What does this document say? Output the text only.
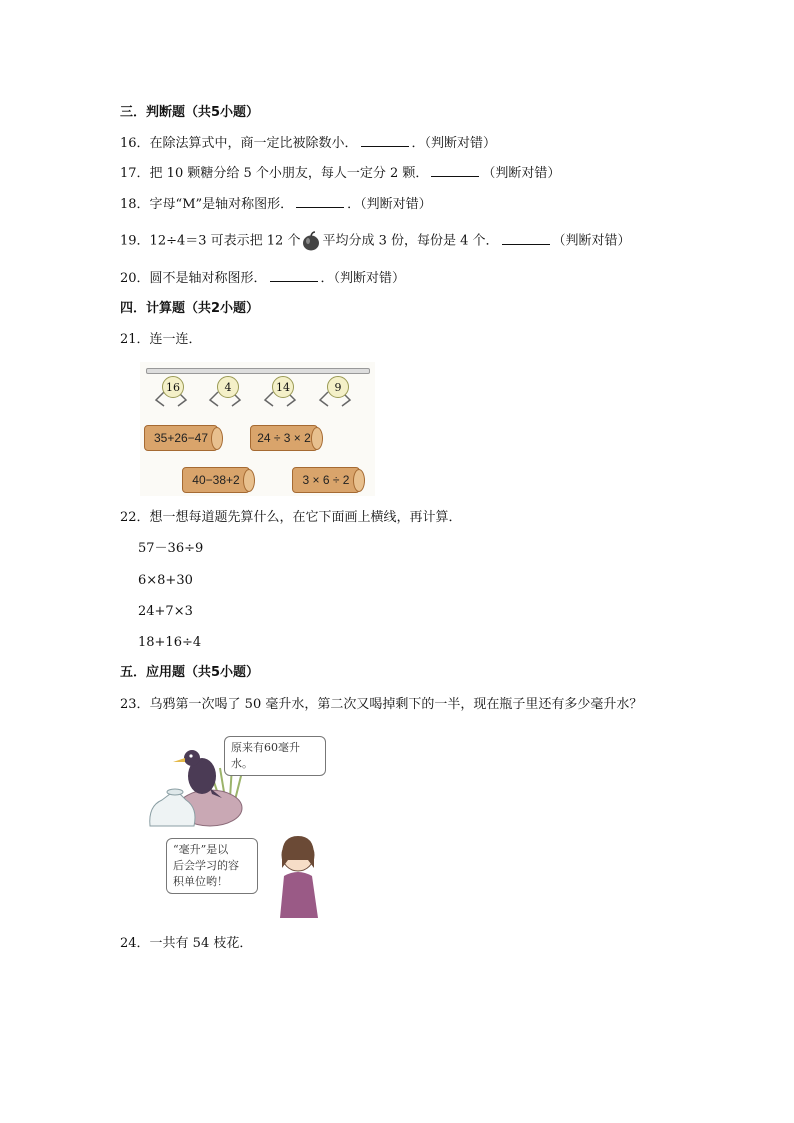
三．判断题（共5小题）
16．在除法算式中，商一定比被除数小．	．（判断对错）
17．把 10 颗糖分给 5 个小朋友，每人一定分 2 颗．	（判断对错）
18．字母“M”是轴对称图形．	．（判断对错）
19．12÷4＝3 可表示把 12 个 平均分成 3 份，每份是 4 个．	（判断对错）
20．圆不是轴对称图形．	．（判断对错）
四．计算题（共2小题）
21．连一连．
16	4	14	9
35+26−47	24 ÷ 3 × 2
40−38+2	3 × 6 ÷ 2
22．想一想每道题先算什么，在它下面画上横线，再计算．
57－36÷9
6×8+30
24+7×3
18+16÷4
五．应用题（共5小题）
23．乌鸦第一次喝了 50 毫升水，第二次又喝掉剩下的一半，现在瓶子里还有多少毫升水？
原来有60毫升水。
“毫升”是以
后会学习的容
积单位哟！
24．一共有 54 枝花．
